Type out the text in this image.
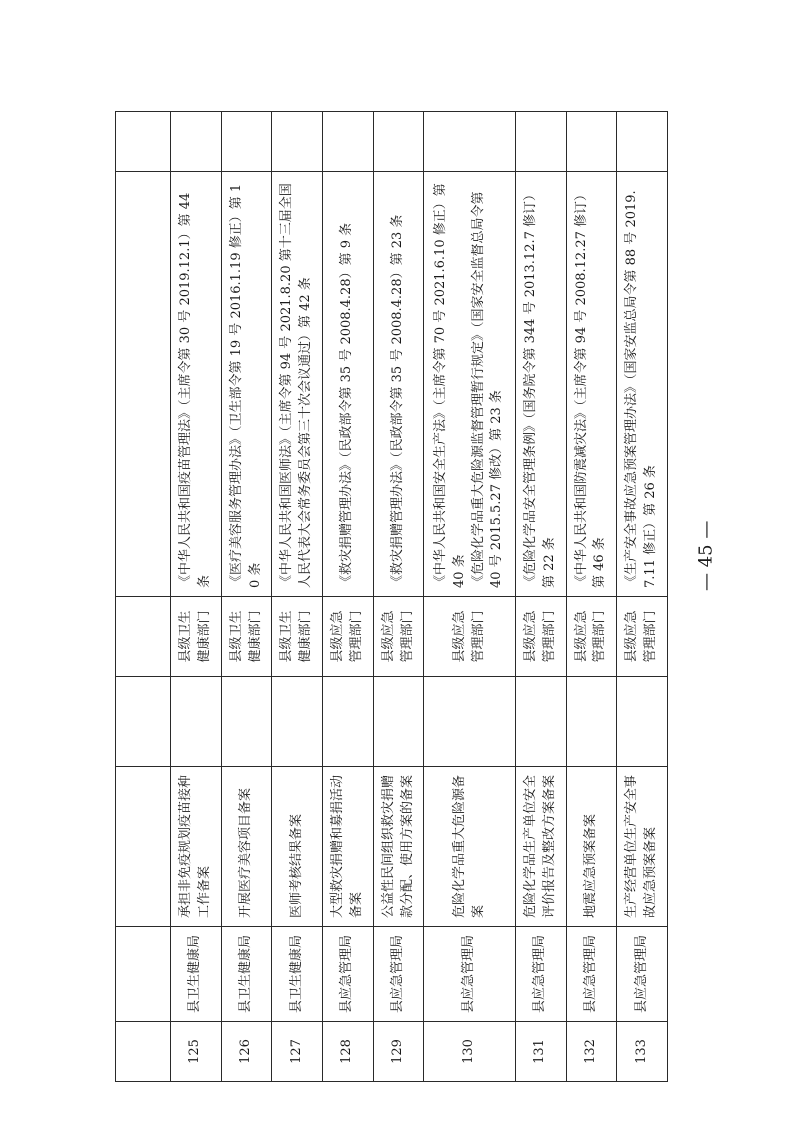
125	县卫生健康局	承担非免疫规划疫苗接种工作备案		县级卫生健康部门	《中华人民共和国疫苗管理法》（主席令第 30 号 2019.12.1）第 44 条	
126	县卫生健康局	开展医疗美容项目备案		县级卫生健康部门	《医疗美容服务管理办法》（卫生部令第 19 号 2016.1.19 修正）第 10 条	
127	县卫生健康局	医师考核结果备案		县级卫生健康部门	《中华人民共和国医师法》（主席令第 94 号 2021.8.20 第十三届全国人民代表大会常务委员会第三十次会议通过）第 42 条	
128	县应急管理局	大型救灾捐赠和募捐活动备案		县级应急管理部门	《救灾捐赠管理办法》（民政部令第 35 号 2008.4.28）第 9 条	
129	县应急管理局	公益性民间组织救灾捐赠款分配、使用方案的备案		县级应急管理部门	《救灾捐赠管理办法》（民政部令第 35 号 2008.4.28）第 23 条	
130	县应急管理局	危险化学品重大危险源备案		县级应急管理部门	《中华人民共和国安全生产法》（主席令第 70 号 2021.6.10 修正）第 40 条 《危险化学品重大危险源监督管理暂行规定》（国家安全监督总局令第 40 号 2015.5.27 修改）第 23 条	
131	县应急管理局	危险化学品生产单位安全评价报告及整改方案备案		县级应急管理部门	《危险化学品安全管理条例》（国务院令第 344 号 2013.12.7 修订）第 22 条	
132	县应急管理局	地震应急预案备案		县级应急管理部门	《中华人民共和国防震减灾法》（主席令第 94 号 2008.12.27 修订）第 46 条	
133	县应急管理局	生产经营单位生产安全事故应急预案备案		县级应急管理部门	《生产安全事故应急预案管理办法》（国家安监总局令第 88 号 2019.7.11 修正）第 26 条	— 45 —
